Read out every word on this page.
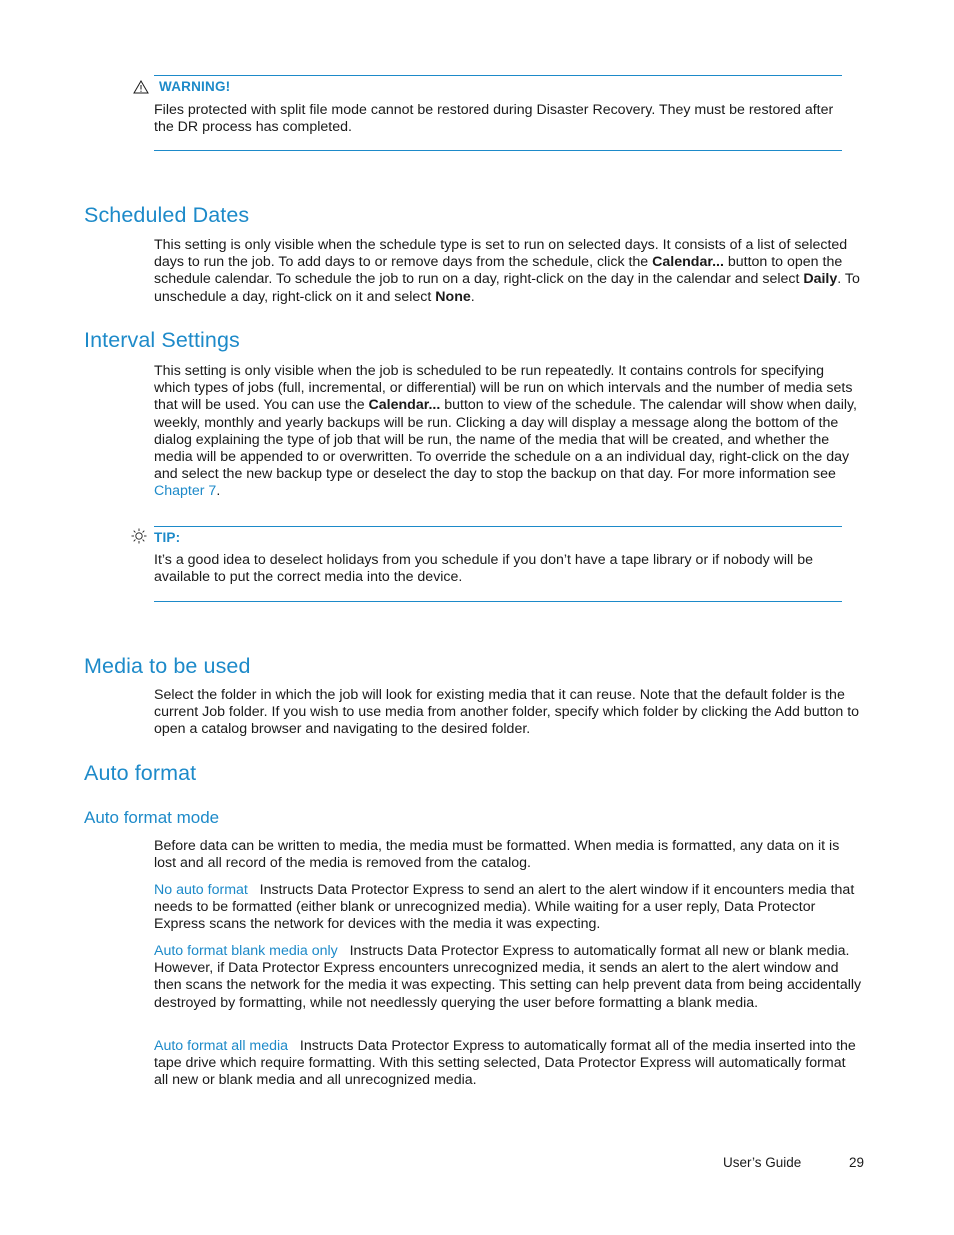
WARNING!

Files protected with split file mode cannot be restored during Disaster Recovery. They must be restored after the DR process has completed.

Scheduled Dates

This setting is only visible when the schedule type is set to run on selected days. It consists of a list of selected days to run the job. To add days to or remove days from the schedule, click the Calendar... button to open the schedule calendar. To schedule the job to run on a day, right-click on the day in the calendar and select Daily. To unschedule a day, right-click on it and select None.

Interval Settings

This setting is only visible when the job is scheduled to be run repeatedly. It contains controls for specifying which types of jobs (full, incremental, or differential) will be run on which intervals and the number of media sets that will be used. You can use the Calendar... button to view of the schedule. The calendar will show when daily, weekly, monthly and yearly backups will be run. Clicking a day will display a message along the bottom of the dialog explaining the type of job that will be run, the name of the media that will be created, and whether the media will be appended to or overwritten. To override the schedule on a an individual day, right-click on the day and select the new backup type or deselect the day to stop the backup on that day. For more information see Chapter 7.

TIP:

It’s a good idea to deselect holidays from you schedule if you don’t have a tape library or if nobody will be available to put the correct media into the device.

Media to be used

Select the folder in which the job will look for existing media that it can reuse. Note that the default folder is the current Job folder. If you wish to use media from another folder, specify which folder by clicking the Add button to open a catalog browser and navigating to the desired folder.

Auto format
Auto format mode

Before data can be written to media, the media must be formatted. When media is formatted, any data on it is lost and all record of the media is removed from the catalog.

No auto format Instructs Data Protector Express to send an alert to the alert window if it encounters media that needs to be formatted (either blank or unrecognized media). While waiting for a user reply, Data Protector Express scans the network for devices with the media it was expecting.

Auto format blank media only Instructs Data Protector Express to automatically format all new or blank media. However, if Data Protector Express encounters unrecognized media, it sends an alert to the alert window and then scans the network for the media it was expecting. This setting can help prevent data from being accidentally destroyed by formatting, while not needlessly querying the user before formatting a blank media.

Auto format all media Instructs Data Protector Express to automatically format all of the media inserted into the tape drive which require formatting. With this setting selected, Data Protector Express will automatically format all new or blank media and all unrecognized media.

User’s Guide	29
